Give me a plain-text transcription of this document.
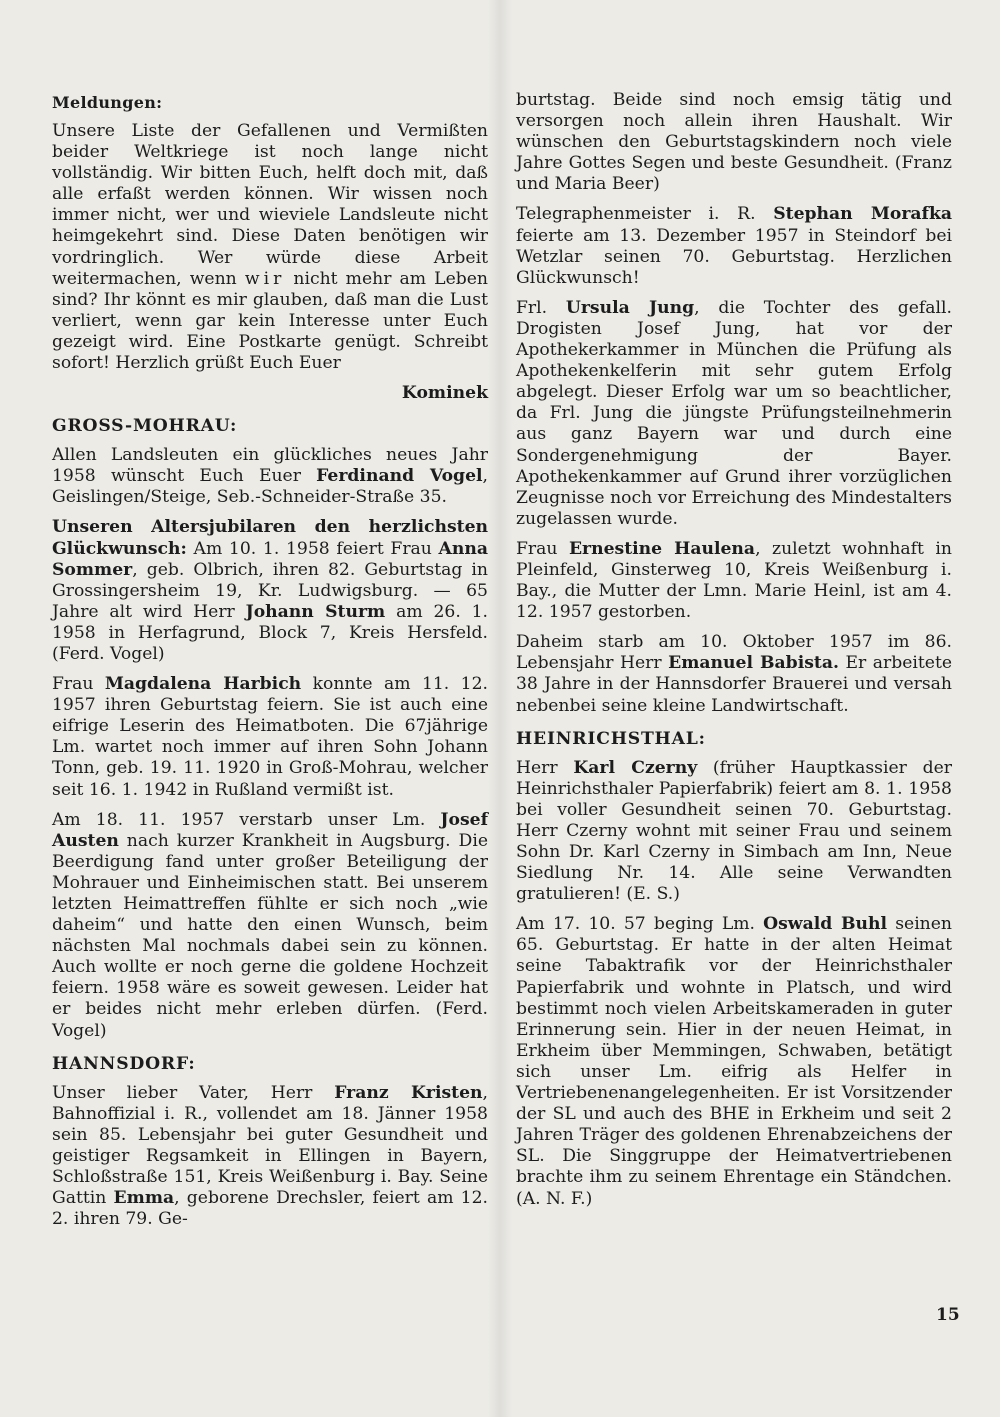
Meldungen:

Unsere Liste der Gefallenen und Vermißten beider Weltkriege ist noch lange nicht vollständig. Wir bitten Euch, helft doch mit, daß alle erfaßt werden können. Wir wissen noch immer nicht, wer und wieviele Landsleute nicht heimgekehrt sind. Diese Daten benötigen wir vordringlich. Wer würde diese Arbeit weitermachen, wenn wir nicht mehr am Leben sind? Ihr könnt es mir glauben, daß man die Lust verliert, wenn gar kein Interesse unter Euch gezeigt wird. Eine Postkarte genügt. Schreibt sofort! Herzlich grüßt Euch Euer

Kominek
GROSS-MOHRAU:

Allen Landsleuten ein glückliches neues Jahr 1958 wünscht Euch Euer Ferdinand Vogel, Geislingen/Steige, Seb.-Schneider-Straße 35.

Unseren Altersjubilaren den herzlichsten Glückwunsch: Am 10. 1. 1958 feiert Frau Anna Sommer, geb. Olbrich, ihren 82. Geburtstag in Grossingersheim 19, Kr. Ludwigsburg. — 65 Jahre alt wird Herr Johann Sturm am 26. 1. 1958 in Herfagrund, Block 7, Kreis Hersfeld. (Ferd. Vogel)

Frau Magdalena Harbich konnte am 11. 12. 1957 ihren Geburtstag feiern. Sie ist auch eine eifrige Leserin des Heimatboten. Die 67jährige Lm. wartet noch immer auf ihren Sohn Johann Tonn, geb. 19. 11. 1920 in Groß-Mohrau, welcher seit 16. 1. 1942 in Rußland vermißt ist.

Am 18. 11. 1957 verstarb unser Lm. Josef Austen nach kurzer Krankheit in Augsburg. Die Beerdigung fand unter großer Beteiligung der Mohrauer und Einheimischen statt. Bei unserem letzten Heimattreffen fühlte er sich noch „wie daheim“ und hatte den einen Wunsch, beim nächsten Mal nochmals dabei sein zu können. Auch wollte er noch gerne die goldene Hochzeit feiern. 1958 wäre es soweit gewesen. Leider hat er beides nicht mehr erleben dürfen. (Ferd. Vogel)

HANNSDORF:

Unser lieber Vater, Herr Franz Kristen, Bahnoffizial i. R., vollendet am 18. Jänner 1958 sein 85. Lebensjahr bei guter Gesundheit und geistiger Regsamkeit in Ellingen in Bayern, Schloßstraße 151, Kreis Weißenburg i. Bay. Seine Gattin Emma, geborene Drechsler, feiert am 12. 2. ihren 79. Ge-

burtstag. Beide sind noch emsig tätig und versorgen noch allein ihren Haushalt. Wir wünschen den Geburtstagskindern noch viele Jahre Gottes Segen und beste Gesundheit. (Franz und Maria Beer)

Telegraphenmeister i. R. Stephan Morafka feierte am 13. Dezember 1957 in Steindorf bei Wetzlar seinen 70. Geburtstag. Herzlichen Glückwunsch!

Frl. Ursula Jung, die Tochter des gefall. Drogisten Josef Jung, hat vor der Apothekerkammer in München die Prüfung als Apothekenkelferin mit sehr gutem Erfolg abgelegt. Dieser Erfolg war um so beachtlicher, da Frl. Jung die jüngste Prüfungsteilnehmerin aus ganz Bayern war und durch eine Sondergenehmigung der Bayer. Apothekenkammer auf Grund ihrer vorzüglichen Zeugnisse noch vor Erreichung des Mindestalters zugelassen wurde.

Frau Ernestine Haulena, zuletzt wohnhaft in Pleinfeld, Ginsterweg 10, Kreis Weißenburg i. Bay., die Mutter der Lmn. Marie Heinl, ist am 4. 12. 1957 gestorben.

Daheim starb am 10. Oktober 1957 im 86. Lebensjahr Herr Emanuel Babista. Er arbeitete 38 Jahre in der Hannsdorfer Brauerei und versah nebenbei seine kleine Landwirtschaft.

HEINRICHSTHAL:

Herr Karl Czerny (früher Hauptkassier der Heinrichsthaler Papierfabrik) feiert am 8. 1. 1958 bei voller Gesundheit seinen 70. Geburtstag. Herr Czerny wohnt mit seiner Frau und seinem Sohn Dr. Karl Czerny in Simbach am Inn, Neue Siedlung Nr. 14. Alle seine Verwandten gratulieren! (E. S.)

Am 17. 10. 57 beging Lm. Oswald Buhl seinen 65. Geburtstag. Er hatte in der alten Heimat seine Tabaktrafik vor der Heinrichsthaler Papierfabrik und wohnte in Platsch, und wird bestimmt noch vielen Arbeitskameraden in guter Erinnerung sein. Hier in der neuen Heimat, in Erkheim über Memmingen, Schwaben, betätigt sich unser Lm. eifrig als Helfer in Vertriebenenangelegenheiten. Er ist Vorsitzender der SL und auch des BHE in Erkheim und seit 2 Jahren Träger des goldenen Ehrenabzeichens der SL. Die Singgruppe der Heimatvertriebenen brachte ihm zu seinem Ehrentage ein Ständchen. (A. N. F.)

15
